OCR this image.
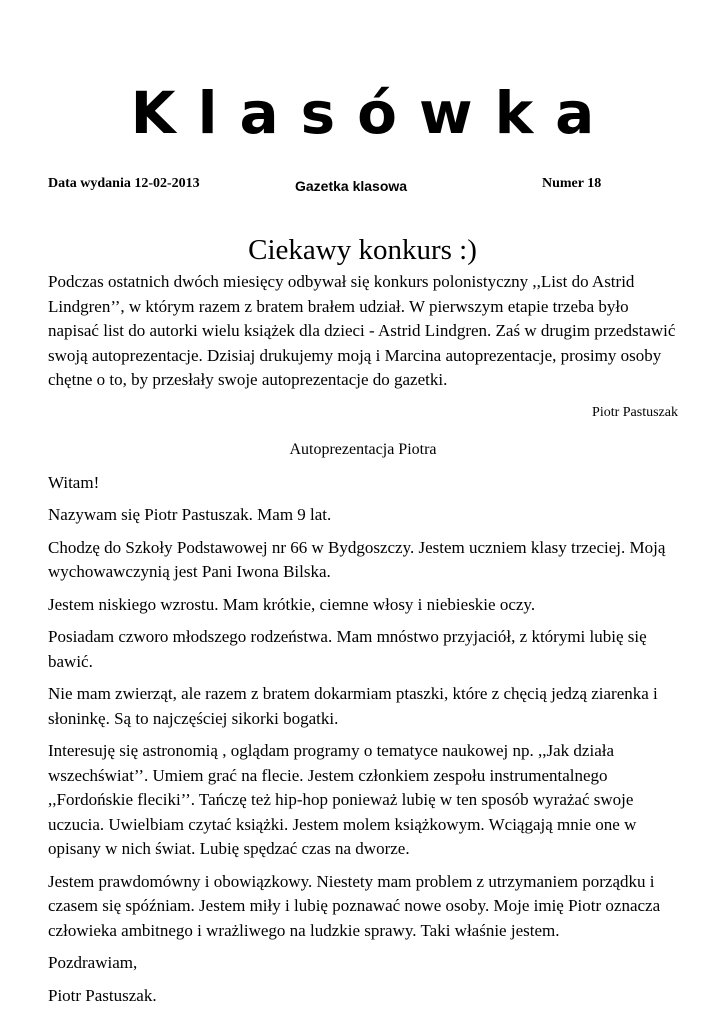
Klasówka
Data wydania 12-02-2013	Gazetka klasowa	Numer 18
Ciekawy konkurs :)

Podczas ostatnich dwóch miesięcy odbywał się konkurs polonistyczny ,,List do Astrid Lindgren’’, w którym razem z bratem brałem udział. W pierwszym etapie trzeba było napisać list do autorki wielu książek dla dzieci - Astrid Lindgren. Zaś w drugim przedstawić swoją autoprezentacje. Dzisiaj drukujemy moją i Marcina autoprezentacje, prosimy osoby chętne o to, by przesłały swoje autoprezentacje do gazetki.

Piotr Pastuszak
Autoprezentacja Piotra

Witam!

Nazywam się Piotr Pastuszak. Mam 9 lat.

Chodzę do Szkoły Podstawowej nr 66 w Bydgoszczy. Jestem uczniem klasy trzeciej. Moją wychowawczynią jest Pani Iwona Bilska.

Jestem niskiego wzrostu. Mam krótkie, ciemne włosy i niebieskie oczy.

Posiadam czworo młodszego rodzeństwa. Mam mnóstwo przyjaciół, z którymi lubię się bawić.

Nie mam zwierząt, ale razem z bratem dokarmiam ptaszki, które z chęcią jedzą ziarenka i słoninkę. Są to najczęściej sikorki bogatki.

Interesuję się astronomią , oglądam programy o tematyce naukowej np. ,,Jak działa wszechświat’’. Umiem grać na flecie. Jestem członkiem zespołu instrumentalnego ,,Fordońskie fleciki’’. Tańczę też hip-hop ponieważ lubię w ten sposób wyrażać swoje uczucia. Uwielbiam czytać książki. Jestem molem książkowym. Wciągają mnie one w opisany w nich świat. Lubię spędzać czas na dworze.

Jestem prawdomówny i obowiązkowy. Niestety mam problem z utrzymaniem porządku i czasem się spóźniam. Jestem miły i lubię poznawać nowe osoby. Moje imię Piotr oznacza człowieka ambitnego i wrażliwego na ludzkie sprawy. Taki właśnie jestem.

Pozdrawiam,

Piotr Pastuszak.
